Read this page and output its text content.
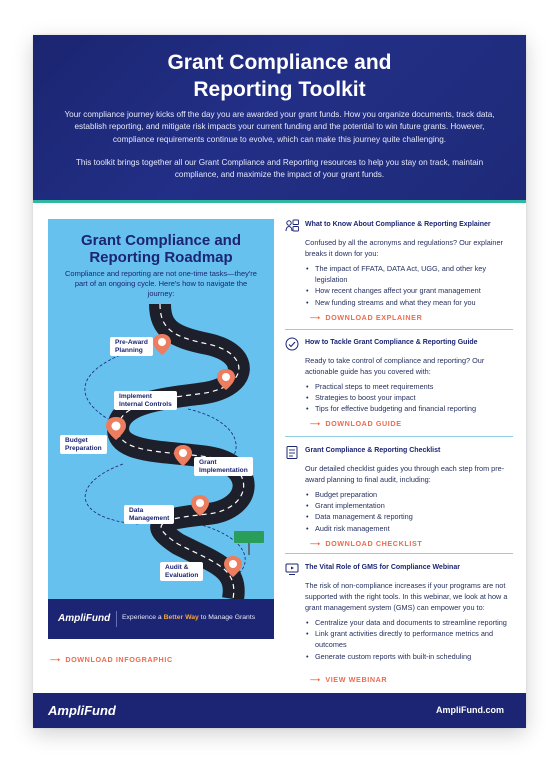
Grant Compliance and
Reporting Toolkit

Your compliance journey kicks off the day you are awarded your grant funds. How you organize documents, track data, establish reporting, and mitigate risk impacts your current funding and the potential to win future grants. However, compliance requirements continue to evolve, which can make this journey quite challenging.

This toolkit brings together all our Grant Compliance and Reporting resources to help you stay on track, maintain compliance, and maximize the impact of your grant funds.

Grant Compliance and
Reporting Roadmap

Compliance and reporting are not one-time tasks—they're part of an ongoing cycle. Here's how to navigate the journey:

Pre-Award
Planning
Implement
Internal Controls
Budget
Preparation
Grant
Implementation
Data
Management
Audit &
Evaluation
AmpliFund Experience a Better Way to Manage Grants
⟶ DOWNLOAD INFOGRAPHIC
What to Know About Compliance & Reporting Explainer

Confused by all the acronyms and regulations? Our explainer breaks it down for you:

• The impact of FFATA, DATA Act, UGG, and other key legislation
• How recent changes affect your grant management
• New funding streams and what they mean for you
⟶ DOWNLOAD EXPLAINER
How to Tackle Grant Compliance & Reporting Guide

Ready to take control of compliance and reporting? Our actionable guide has you covered with:

• Practical steps to meet requirements
• Strategies to boost your impact
• Tips for effective budgeting and financial reporting
⟶ DOWNLOAD GUIDE
Grant Compliance & Reporting Checklist

Our detailed checklist guides you through each step from pre-award planning to final audit, including:

• Budget preparation
• Grant implementation
• Data management & reporting
• Audit risk management
⟶ DOWNLOAD CHECKLIST
The Vital Role of GMS for Compliance Webinar

The risk of non-compliance increases if your programs are not supported with the right tools. In this webinar, we look at how a grant management system (GMS) can empower you to:

• Centralize your data and documents to streamline reporting
• Link grant activities directly to performance metrics and outcomes
• Generate custom reports with built-in scheduling
⟶ VIEW WEBINAR
AmpliFund	AmpliFund.com
